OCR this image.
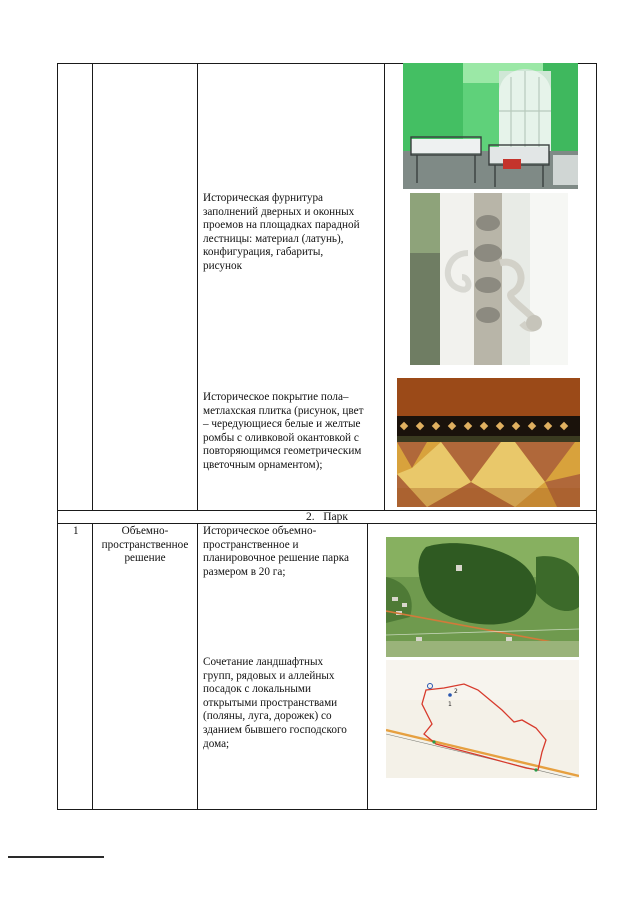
Историческая фурнитура
заполнений дверных и оконных
проемов на площадках парадной
лестницы: материал (латунь),
конфигурация, габариты,
рисунок
Историческое покрытие пола–
метлахская плитка (рисунок, цвет
– чередующиеся белые и желтые
ромбы с оливковой окантовкой с
повторяющимся геометрическим
цветочным орнаментом);
2.   Парк
1	Объемно-
пространственное
решение
Историческое объемно-
пространственное и
планировочное решение парка
размером в 20 га;
Сочетание ландшафтных
групп, рядовых и аллейных
посадок с локальными
открытыми пространствами
(поляны, луга, дорожек) со
зданием бывшего господского
дома;
2
1
